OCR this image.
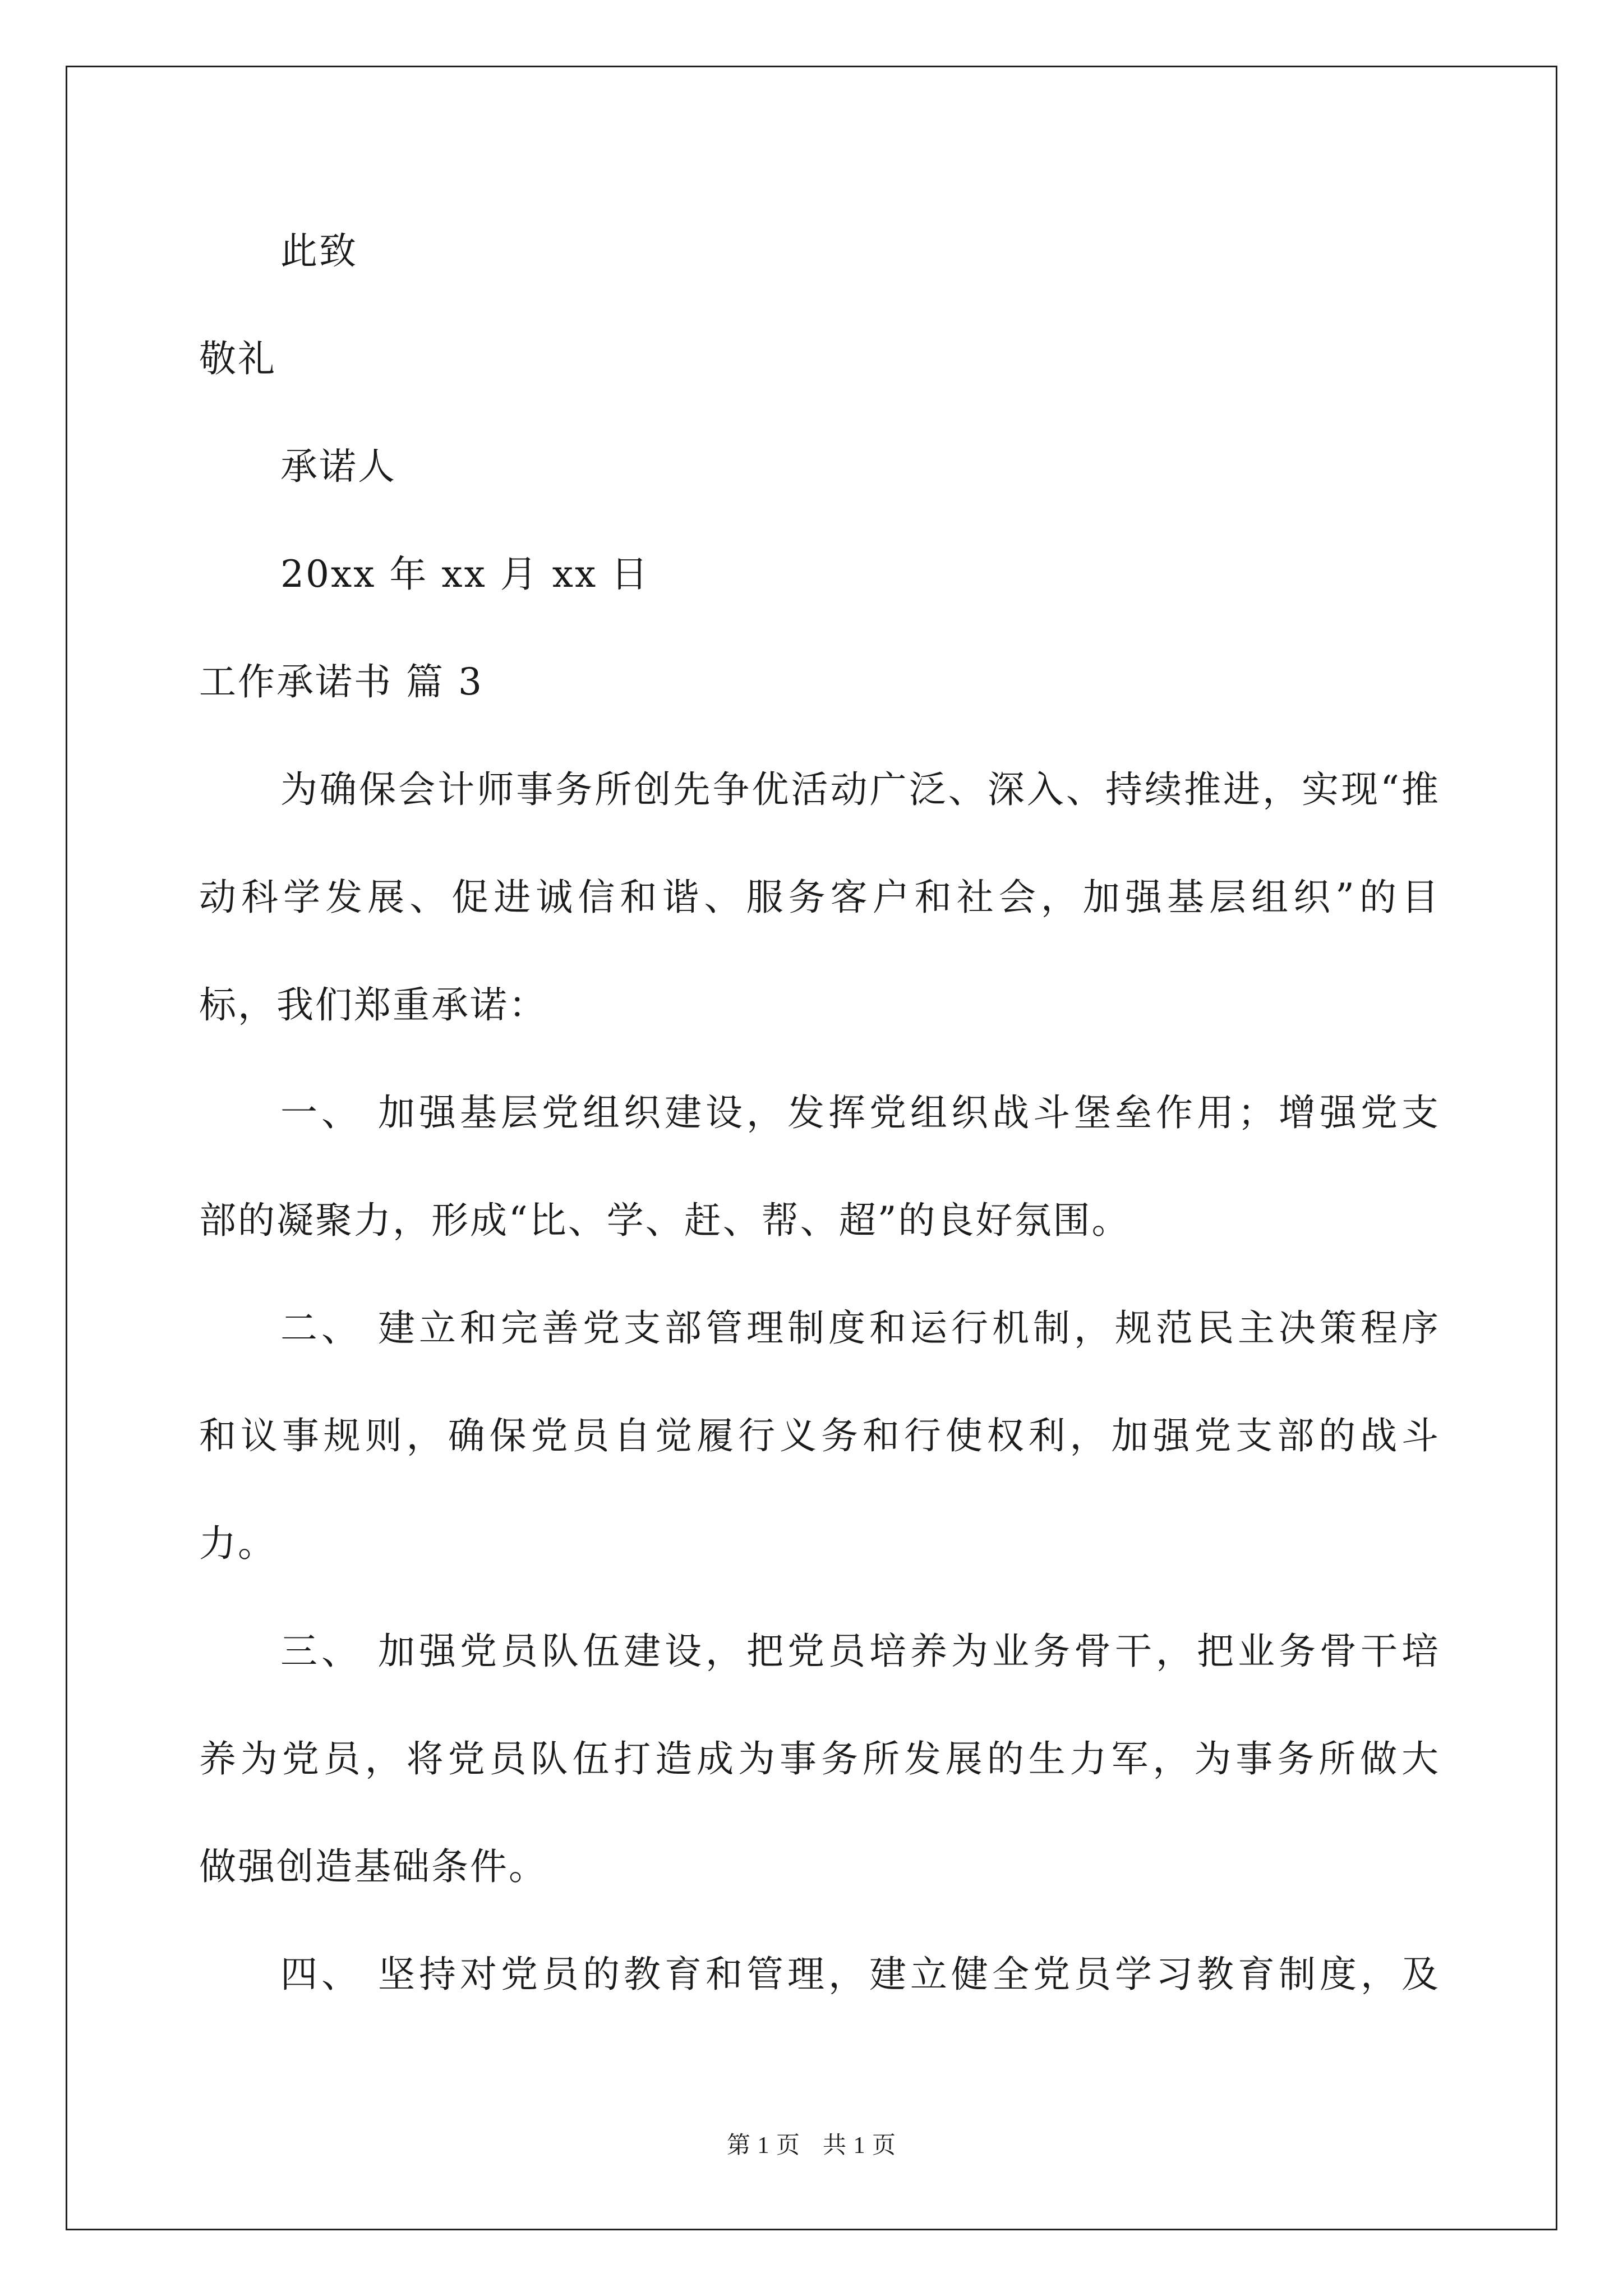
此致
敬礼
承诺人
20xx 年 xx 月 xx 日
工作承诺书 篇 3
为确保会计师事务所创先争优活动广泛、深入、持续推进，实现“推
动科学发展、促进诚信和谐、服务客户和社会，加强基层组织”的目
标，我们郑重承诺：
一、 加强基层党组织建设，发挥党组织战斗堡垒作用；增强党支
部的凝聚力，形成“比、学、赶、帮、超”的良好氛围。
二、 建立和完善党支部管理制度和运行机制，规范民主决策程序
和议事规则，确保党员自觉履行义务和行使权利，加强党支部的战斗
力。
三、 加强党员队伍建设，把党员培养为业务骨干，把业务骨干培
养为党员，将党员队伍打造成为事务所发展的生力军，为事务所做大
做强创造基础条件。
四、 坚持对党员的教育和管理，建立健全党员学习教育制度，及
第 1 页 共 1 页
